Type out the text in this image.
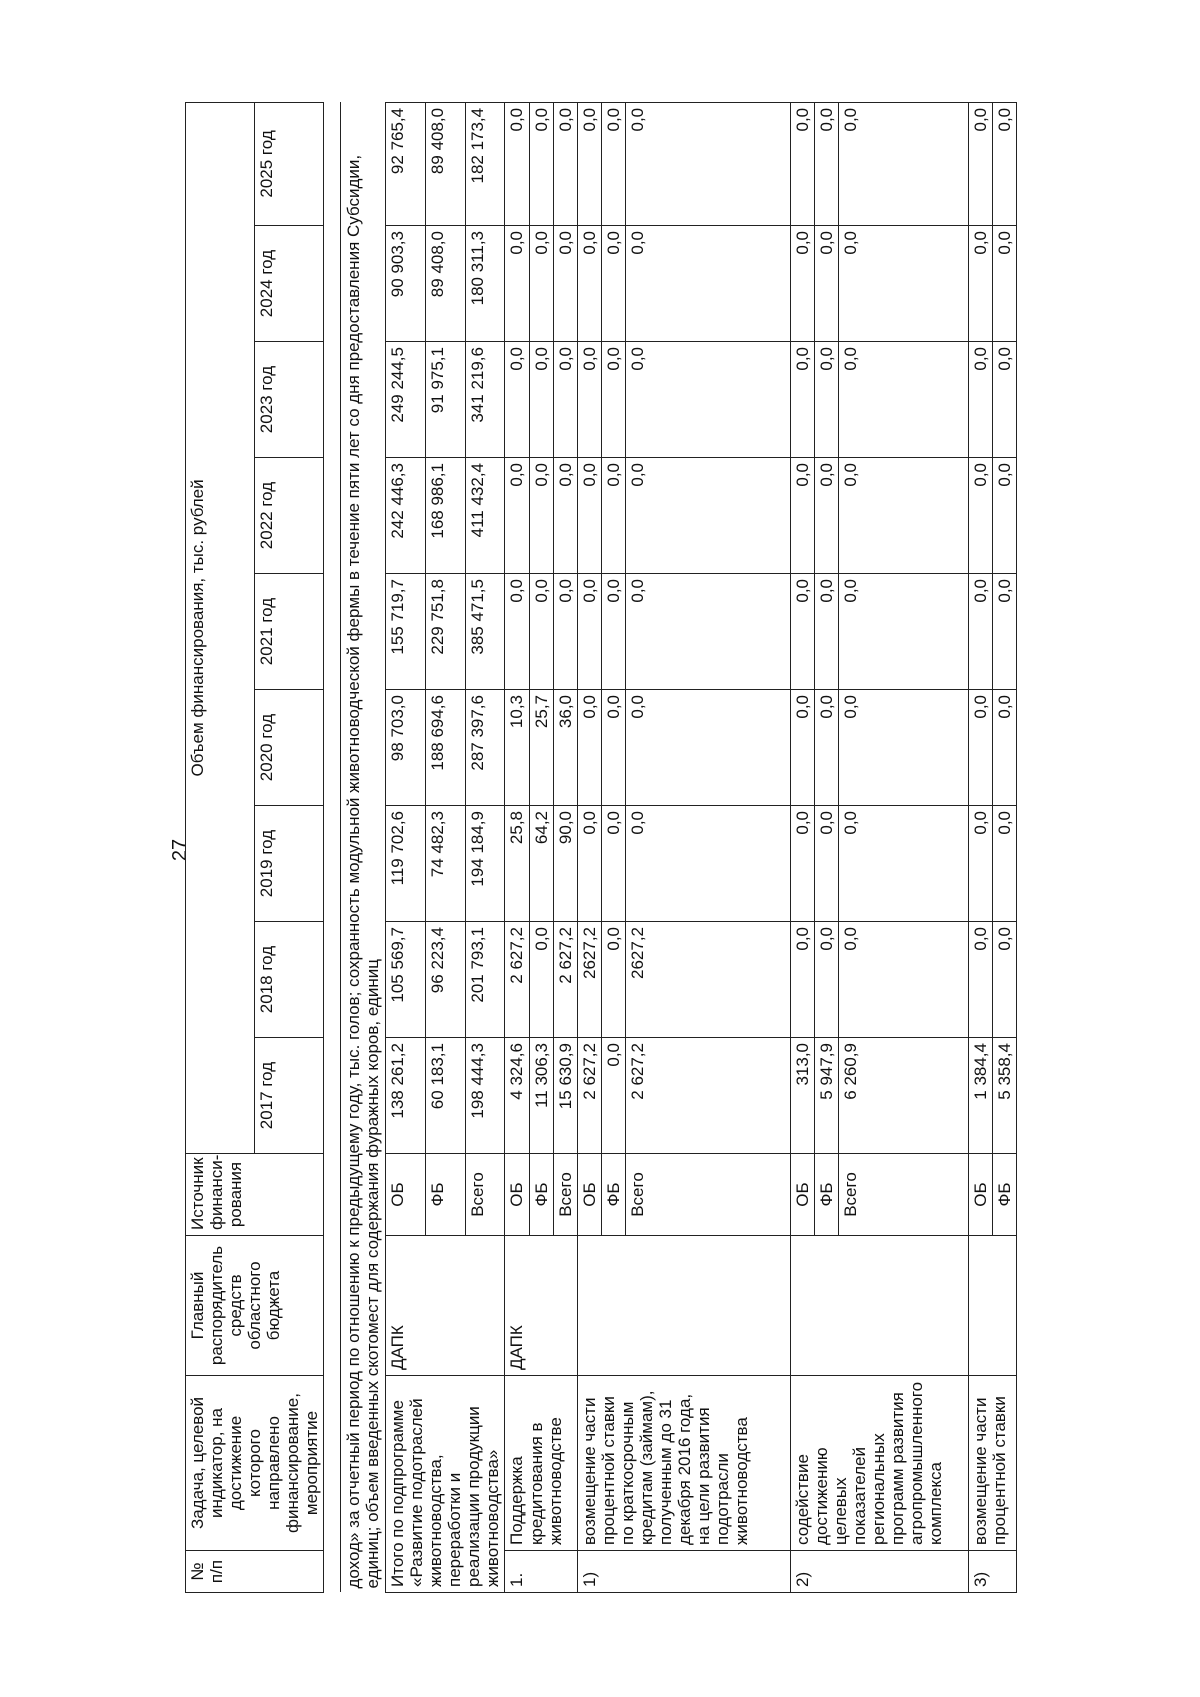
27
№ п/п	Задача, целевой индикатор, на достижение которого направлено финансирование, мероприятие	Главный распорядитель средств областного бюджета	Источник финанси-рования	Объем финансирования, тыс. рублей								
				2017 год	2018 год	2019 год	2020 год	2021 год	2022 год	2023 год	2024 год	2025 год

доход» за отчетный период по отношению к предыдущему году, тыс. голов; сохранность модульной животноводческой фермы в течение пяти лет со дня предоставления Субсидии, единиц; объем введенных скотомест для содержания фуражных коров, единиц												
Итого по подпрограмме «Развитие подотраслей животноводства, переработки и реализации продукции животноводства»		ДАПК	ОБ	138 261,2	105 569,7	119 702,6	98 703,0	155 719,7	242 446,3	249 244,5	90 903,3	92 765,4
			ФБ	60 183,1	96 223,4	74 482,3	188 694,6	229 751,8	168 986,1	91 975,1	89 408,0	89 408,0
			Всего	198 444,3	201 793,1	194 184,9	287 397,6	385 471,5	411 432,4	341 219,6	180 311,3	182 173,4
1.	Поддержка кредитования в животноводстве	ДАПК	ОБ	4 324,6	2 627,2	25,8	10,3	0,0	0,0	0,0	0,0	0,0
			ФБ	11 306,3	0,0	64,2	25,7	0,0	0,0	0,0	0,0	0,0
			Всего	15 630,9	2 627,2	90,0	36,0	0,0	0,0	0,0	0,0	0,0
1)	возмещение части процентной ставки по краткосрочным кредитам (займам), полученным до 31 декабря 2016 года, на цели развития подотрасли животноводства		ОБ	2 627,2	2627,2	0,0	0,0	0,0	0,0	0,0	0,0	0,0
			ФБ	0,0	0,0	0,0	0,0	0,0	0,0	0,0	0,0	0,0
			Всего	2 627,2	2627,2	0,0	0,0	0,0	0,0	0,0	0,0	0,0
2)	содействие достижению целевых показателей региональных программ развития агропромышленного комплекса		ОБ	313,0	0,0	0,0	0,0	0,0	0,0	0,0	0,0	0,0
			ФБ	5 947,9	0,0	0,0	0,0	0,0	0,0	0,0	0,0	0,0
			Всего	6 260,9	0,0	0,0	0,0	0,0	0,0	0,0	0,0	0,0
3)	возмещение части процентной ставки		ОБ	1 384,4	0,0	0,0	0,0	0,0	0,0	0,0	0,0	0,0
			ФБ	5 358,4	0,0	0,0	0,0	0,0	0,0	0,0	0,0	0,0
